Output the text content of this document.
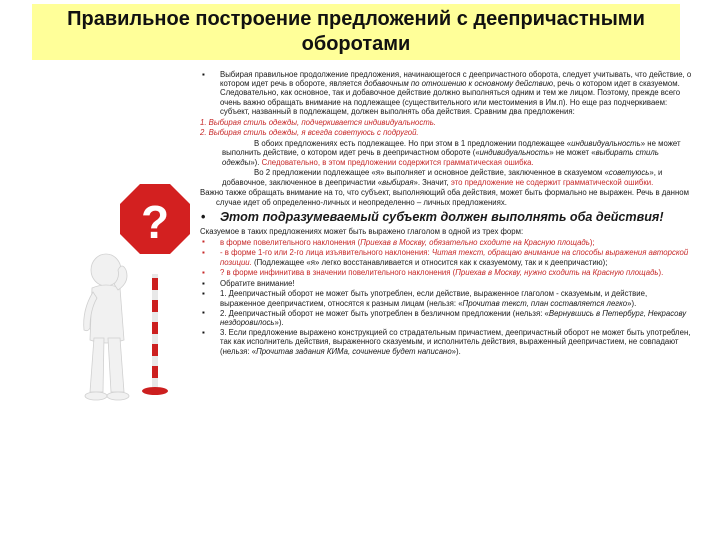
Правильное построение предложений с деепричастными оборотами
?

▪ Выбирая правильное продолжение предложения, начинающегося с деепричастного оборота, следует учитывать, что действие, о котором идет речь в обороте, является добавочным по отношению к основному действию, речь о котором идет в сказуемом. Следовательно, как основное, так и добавочное действие должно выполняться одним и тем же лицом. Поэтому, прежде всего очень важно обращать внимание на подлежащее (существительного или местоимения в Им.п). Но еще раз подчеркиваем: субъект, названный в подлежащем, должен выполнять оба действия. Сравним два предложения:

1. Выбирая стиль одежды, подчеркивается индивидуальность.

2. Выбирая стиль одежды, я всегда советуюсь с подругой.

В обоих предложениях есть подлежащее. Но при этом в 1 предложении подлежащее «индивидуальность» не может выполнить действие, о котором идет речь в деепричастном обороте («индивидуальность» не может «выбирать стиль одежды»). Следовательно, в этом предложении содержится грамматическая ошибка.

Во 2 предложении подлежащее «я» выполняет и основное действие, заключенное в сказуемом «советуюсь», и добавочное, заключенное в деепричастии «выбирая». Значит, это предложение не содержит грамматической ошибки.

Важно также обращать внимание на то, что субъект, выполняющий оба действия, может быть формально не выражен. Речь в данном случае идет об определенно-личных и неопределенно – личных предложениях.

• Этот подразумеваемый субъект должен выполнять оба действия!

Сказуемое в таких предложениях может быть выражено глаголом в одной из трех форм:

▪ в форме повелительного наклонения (Приехав в Москву, обязательно сходите на Красную площадь);

▪ - в форме 1-го или 2-го лица изъявительного наклонения: Читая текст, обращаю внимание на способы выражения авторской позиции. (Подлежащее «я» легко восстанавливается и относится как к сказуемому, так и к деепричастию);

▪ ? в форме инфинитива в значении повелительного наклонения (Приехав в Москву, нужно сходить на Красную площадь).

▪ Обратите внимание!

▪ 1. Деепричастный оборот не может быть употреблен, если действие, выраженное глаголом - сказуемым, и действие, выраженное деепричастием, относятся к разным лицам (нельзя: «Прочитав текст, план составляется легко»).

▪ 2. Деепричастный оборот не может быть употреблен в безличном предложении (нельзя: «Вернувшись в Петербург, Некрасову нездоровилось»).

▪ 3. Если предложение выражено конструкцией со страдательным причастием, деепричастный оборот не может быть употреблен, так как исполнитель действия, выраженного сказуемым, и исполнитель действия, выраженный деепричастием, не совпадают (нельзя: «Прочитав задания КИМа, сочинение будет написано»).
